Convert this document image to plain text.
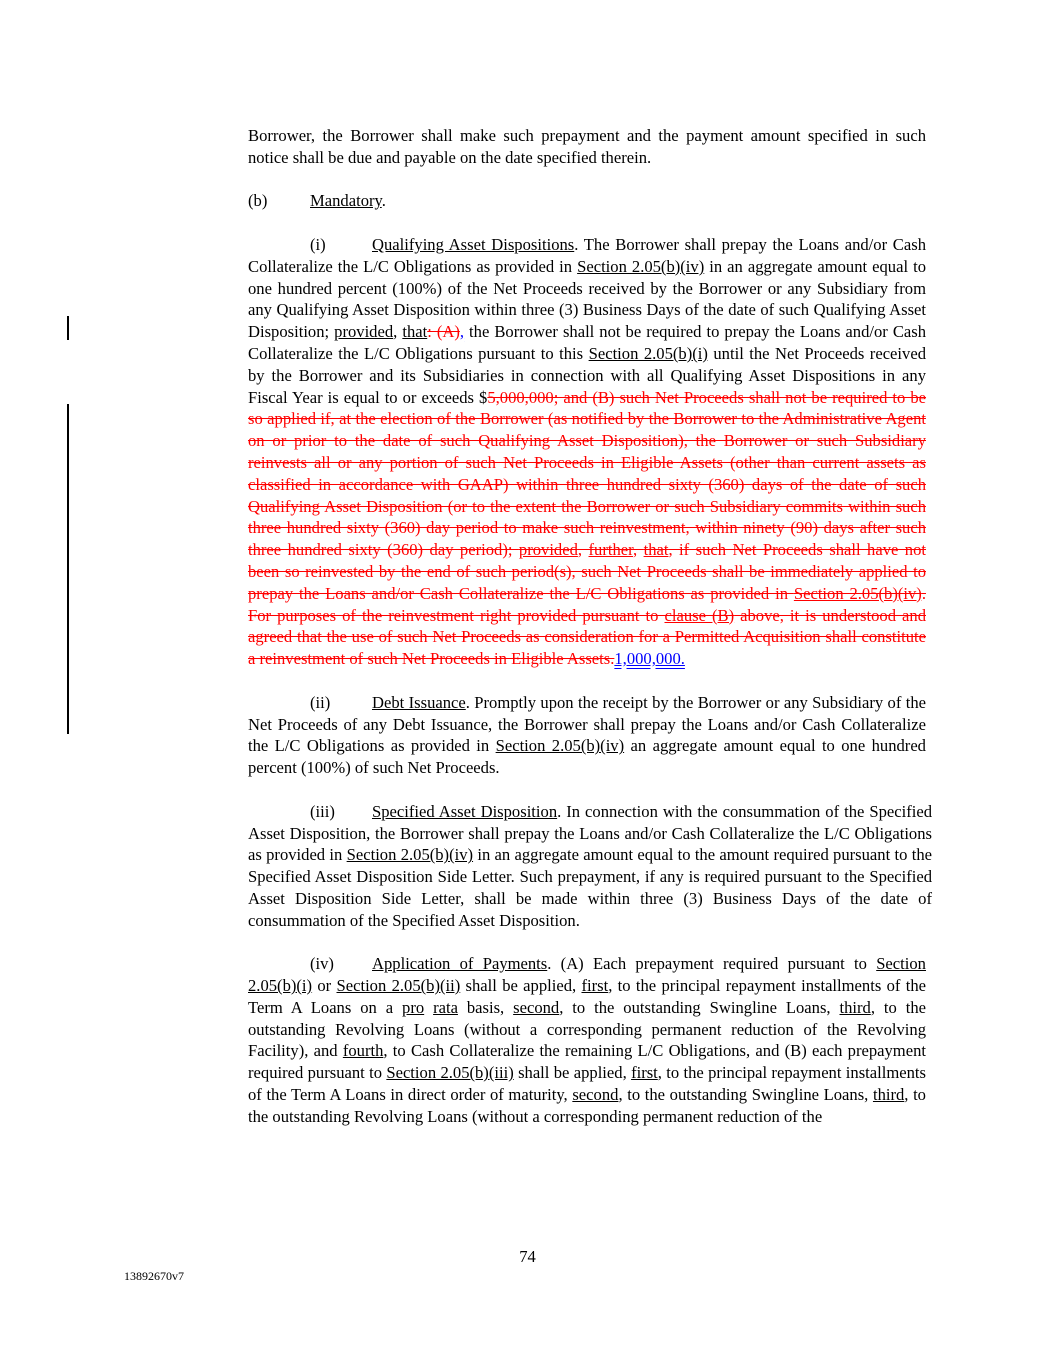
Borrower, the Borrower shall make such prepayment and the payment amount specified in such notice shall be due and payable on the date specified therein.

(b)	Mandatory.

(i)	Qualifying Asset Dispositions. The Borrower shall prepay the Loans and/or Cash Collateralize the L/C Obligations as provided in Section 2.05(b)(iv) in an aggregate amount equal to one hundred percent (100%) of the Net Proceeds received by the Borrower or any Subsidiary from any Qualifying Asset Disposition within three (3) Business Days of the date of such Qualifying Asset Disposition; provided, that: (A), the Borrower shall not be required to prepay the Loans and/or Cash Collateralize the L/C Obligations pursuant to this Section 2.05(b)(i) until the Net Proceeds received by the Borrower and its Subsidiaries in connection with all Qualifying Asset Dispositions in any Fiscal Year is equal to or exceeds $5,000,000; and (B) such Net Proceeds shall not be required to be so applied if, at the election of the Borrower (as notified by the Borrower to the Administrative Agent on or prior to the date of such Qualifying Asset Disposition), the Borrower or such Subsidiary reinvests all or any portion of such Net Proceeds in Eligible Assets (other than current assets as classified in accordance with GAAP) within three hundred sixty (360) days of the date of such Qualifying Asset Disposition (or to the extent the Borrower or such Subsidiary commits within such three hundred sixty (360) day period to make such reinvestment, within ninety (90) days after such three hundred sixty (360) day period); provided, further, that, if such Net Proceeds shall have not been so reinvested by the end of such period(s), such Net Proceeds shall be immediately applied to prepay the Loans and/or Cash Collateralize the L/C Obligations as provided in Section 2.05(b)(iv). For purposes of the reinvestment right provided pursuant to clause (B) above, it is understood and agreed that the use of such Net Proceeds as consideration for a Permitted Acquisition shall constitute a reinvestment of such Net Proceeds in Eligible Assets.1,000,000.

(ii)	Debt Issuance. Promptly upon the receipt by the Borrower or any Subsidiary of the Net Proceeds of any Debt Issuance, the Borrower shall prepay the Loans and/or Cash Collateralize the L/C Obligations as provided in Section 2.05(b)(iv) an aggregate amount equal to one hundred percent (100%) of such Net Proceeds.

(iii) Specified Asset Disposition. In connection with the consummation of the Specified Asset Disposition, the Borrower shall prepay the Loans and/or Cash Collateralize the L/C Obligations as provided in Section 2.05(b)(iv) in an aggregate amount equal to the amount required pursuant to the Specified Asset Disposition Side Letter. Such prepayment, if any is required pursuant to the Specified Asset Disposition Side Letter, shall be made within three (3) Business Days of the date of consummation of the Specified Asset Disposition.

(iv) Application of Payments. (A) Each prepayment required pursuant to Section 2.05(b)(i) or Section 2.05(b)(ii) shall be applied, first, to the principal repayment installments of the Term A Loans on a pro rata basis, second, to the outstanding Swingline Loans, third, to the outstanding Revolving Loans (without a corresponding permanent reduction of the Revolving Facility), and fourth, to Cash Collateralize the remaining L/C Obligations, and (B) each prepayment required pursuant to Section 2.05(b)(iii) shall be applied, first, to the principal repayment installments of the Term A Loans in direct order of maturity, second, to the outstanding Swingline Loans, third, to the outstanding Revolving Loans (without a corresponding permanent reduction of the

74
13892670v7
